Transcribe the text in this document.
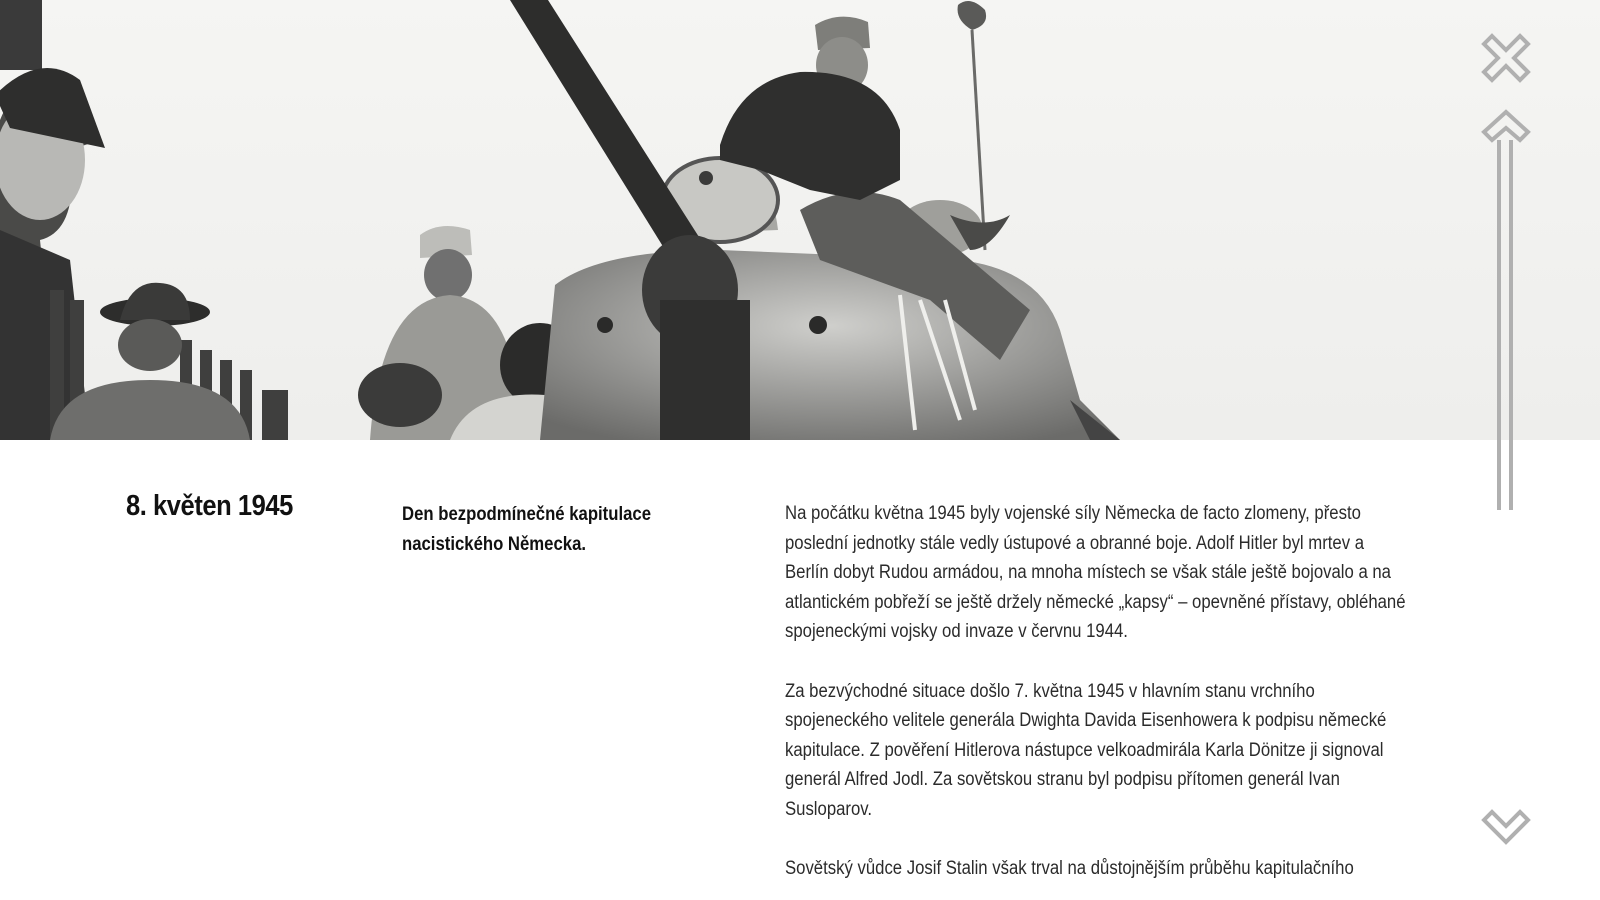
8. květen 1945	Den bezpodmínečné kapitulace nacistického Německa.

Na počátku května 1945 byly vojenské síly Německa de facto zlomeny, přesto poslední jednotky stále vedly ústupové a obranné boje. Adolf Hitler byl mrtev a Berlín dobyt Rudou armádou, na mnoha místech se však stále ještě bojovalo a na atlantickém pobřeží se ještě držely německé „kapsy“ – opevněné přístavy, obléhané spojeneckými vojsky od invaze v červnu 1944.

Za bezvýchodné situace došlo 7. května 1945 v hlavním stanu vrchního spojeneckého velitele generála Dwighta Davida Eisenhowera k podpisu německé kapitulace. Z pověření Hitlerova nástupce velkoadmirála Karla Dönitze ji signoval generál Alfred Jodl. Za sovětskou stranu byl podpisu přítomen generál Ivan Susloparov.

Sovětský vůdce Josif Stalin však trval na důstojnějším průběhu kapitulačního
